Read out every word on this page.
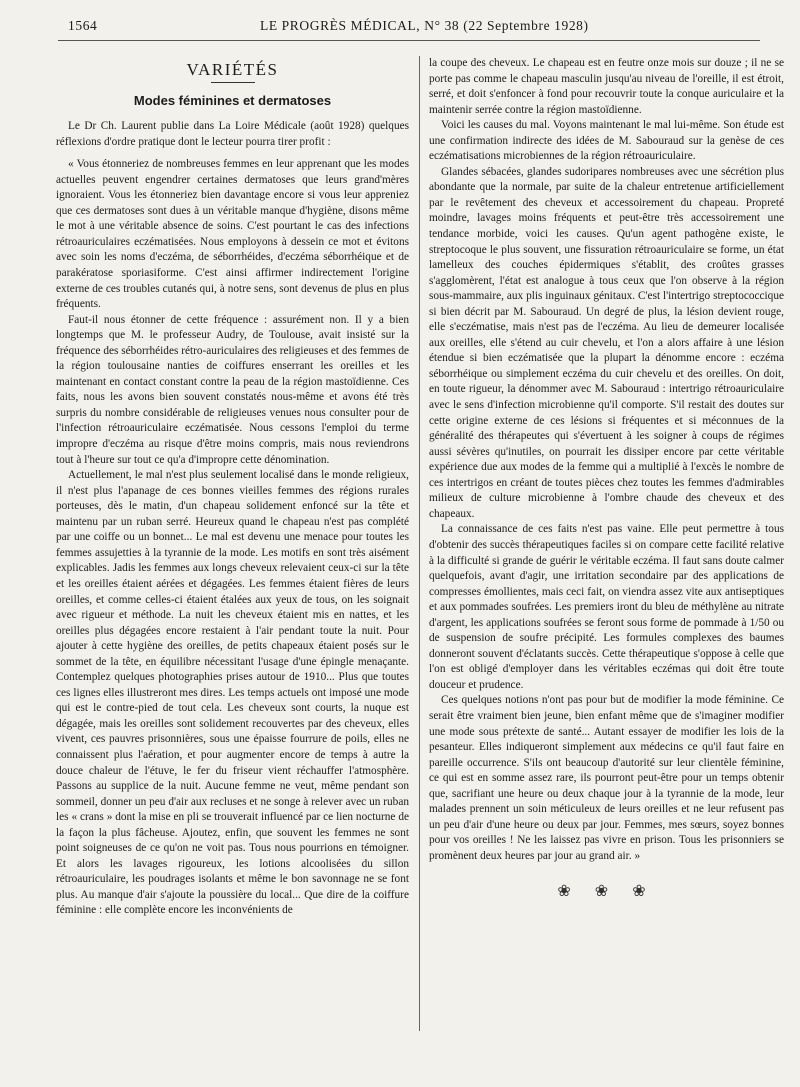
1564	LE PROGRÈS MÉDICAL, N° 38 (22 Septembre 1928)
VARIÉTÉS
Modes féminines et dermatoses

Le Dr Ch. Laurent publie dans La Loire Médicale (août 1928) quelques réflexions d'ordre pratique dont le lecteur pourra tirer profit :

« Vous étonneriez de nombreuses femmes en leur apprenant que les modes actuelles peuvent engendrer certaines dermatoses que leurs grand'mères ignoraient. Vous les étonneriez bien davantage encore si vous leur appreniez que ces dermatoses sont dues à un véritable manque d'hygiène, disons même le mot à une véritable absence de soins. C'est pourtant le cas des infections rétroauriculaires eczématisées. Nous employons à dessein ce mot et évitons avec soin les noms d'eczéma, de séborrhéides, d'eczéma séborrhéique et de parakératose sporiasiforme. C'est ainsi affirmer indirectement l'origine externe de ces troubles cutanés qui, à notre sens, sont devenus de plus en plus fréquents.

Faut-il nous étonner de cette fréquence : assurément non. Il y a bien longtemps que M. le professeur Audry, de Toulouse, avait insisté sur la fréquence des séborrhéides rétro-auriculaires des religieuses et des femmes de la région toulousaine nanties de coiffures enserrant les oreilles et les maintenant en contact constant contre la peau de la région mastoïdienne. Ces faits, nous les avons bien souvent constatés nous-même et avons été très surpris du nombre considérable de religieuses venues nous consulter pour de l'infection rétroauriculaire eczématisée. Nous cessons l'emploi du terme impropre d'eczéma au risque d'être moins compris, mais nous reviendrons tout à l'heure sur tout ce qu'a d'impropre cette dénomination.

Actuellement, le mal n'est plus seulement localisé dans le monde religieux, il n'est plus l'apanage de ces bonnes vieilles femmes des régions rurales porteuses, dès le matin, d'un chapeau solidement enfoncé sur la tête et maintenu par un ruban serré. Heureux quand le chapeau n'est pas complété par une coiffe ou un bonnet... Le mal est devenu une menace pour toutes les femmes assujetties à la tyrannie de la mode. Les motifs en sont très aisément explicables. Jadis les femmes aux longs cheveux relevaient ceux-ci sur la tête et les oreilles étaient aérées et dégagées. Les femmes étaient fières de leurs oreilles, et comme celles-ci étaient étalées aux yeux de tous, on les soignait avec rigueur et méthode. La nuit les cheveux étaient mis en nattes, et les oreilles plus dégagées encore restaient à l'air pendant toute la nuit. Pour ajouter à cette hygiène des oreilles, de petits chapeaux étaient posés sur le sommet de la tête, en équilibre nécessitant l'usage d'une épingle menaçante. Contemplez quelques photographies prises autour de 1910... Plus que toutes ces lignes elles illustreront mes dires. Les temps actuels ont imposé une mode qui est le contre-pied de tout cela. Les cheveux sont courts, la nuque est dégagée, mais les oreilles sont solidement recouvertes par des cheveux, elles vivent, ces pauvres prisonnières, sous une épaisse fourrure de poils, elles ne connaissent plus l'aération, et pour augmenter encore de temps à autre la douce chaleur de l'étuve, le fer du friseur vient réchauffer l'atmosphère. Passons au supplice de la nuit. Aucune femme ne veut, même pendant son sommeil, donner un peu d'air aux recluses et ne songe à relever avec un ruban les « crans » dont la mise en pli se trouverait influencé par ce lien nocturne de la façon la plus fâcheuse. Ajoutez, enfin, que souvent les femmes ne sont point soigneuses de ce qu'on ne voit pas. Tous nous pourrions en témoigner. Et alors les lavages rigoureux, les lotions alcoolisées du sillon rétroauriculaire, les poudrages isolants et même le bon savonnage ne se font plus. Au manque d'air s'ajoute la poussière du local... Que dire de la coiffure féminine : elle complète encore les inconvénients de

la coupe des cheveux. Le chapeau est en feutre onze mois sur douze ; il ne se porte pas comme le chapeau masculin jusqu'au niveau de l'oreille, il est étroit, serré, et doit s'enfoncer à fond pour recouvrir toute la conque auriculaire et la maintenir serrée contre la région mastoïdienne.

Voici les causes du mal. Voyons maintenant le mal lui-même. Son étude est une confirmation indirecte des idées de M. Sabouraud sur la genèse de ces eczématisations microbiennes de la région rétroauriculaire.

Glandes sébacées, glandes sudoripares nombreuses avec une sécrétion plus abondante que la normale, par suite de la chaleur entretenue artificiellement par le revêtement des cheveux et accessoirement du chapeau. Propreté moindre, lavages moins fréquents et peut-être très accessoirement une tendance morbide, voici les causes. Qu'un agent pathogène existe, le streptocoque le plus souvent, une fissuration rétroauriculaire se forme, un état lamelleux des couches épidermiques s'établit, des croûtes grasses s'agglomèrent, l'état est analogue à tous ceux que l'on observe à la région sous-mammaire, aux plis inguinaux génitaux. C'est l'intertrigo streptococcique si bien décrit par M. Sabouraud. Un degré de plus, la lésion devient rouge, elle s'eczématise, mais n'est pas de l'eczéma. Au lieu de demeurer localisée aux oreilles, elle s'étend au cuir chevelu, et l'on a alors affaire à une lésion étendue si bien eczématisée que la plupart la dénomme encore : eczéma séborrhéique ou simplement eczéma du cuir chevelu et des oreilles. On doit, en toute rigueur, la dénommer avec M. Sabouraud : intertrigo rétroauriculaire avec le sens d'infection microbienne qu'il comporte. S'il restait des doutes sur cette origine externe de ces lésions si fréquentes et si méconnues de la généralité des thérapeutes qui s'évertuent à les soigner à coups de régimes aussi sévères qu'inutiles, on pourrait les dissiper encore par cette véritable expérience due aux modes de la femme qui a multiplié à l'excès le nombre de ces intertrigos en créant de toutes pièces chez toutes les femmes d'admirables milieux de culture microbienne à l'ombre chaude des cheveux et des chapeaux.

La connaissance de ces faits n'est pas vaine. Elle peut permettre à tous d'obtenir des succès thérapeutiques faciles si on compare cette facilité relative à la difficulté si grande de guérir le véritable eczéma. Il faut sans doute calmer quelquefois, avant d'agir, une irritation secondaire par des applications de compresses émollientes, mais ceci fait, on viendra assez vite aux antiseptiques et aux pommades soufrées. Les premiers iront du bleu de méthylène au nitrate d'argent, les applications soufrées se feront sous forme de pommade à 1/50 ou de suspension de soufre précipité. Les formules complexes des baumes donneront souvent d'éclatants succès. Cette thérapeutique s'oppose à celle que l'on est obligé d'employer dans les véritables eczémas qui doit être toute douceur et prudence.

Ces quelques notions n'ont pas pour but de modifier la mode féminine. Ce serait être vraiment bien jeune, bien enfant même que de s'imaginer modifier une mode sous prétexte de santé... Autant essayer de modifier les lois de la pesanteur. Elles indiqueront simplement aux médecins ce qu'il faut faire en pareille occurrence. S'ils ont beaucoup d'autorité sur leur clientèle féminine, ce qui est en somme assez rare, ils pourront peut-être pour un temps obtenir que, sacrifiant une heure ou deux chaque jour à la tyrannie de la mode, leur malades prennent un soin méticuleux de leurs oreilles et ne leur refusent pas un peu d'air d'une heure ou deux par jour. Femmes, mes sœurs, soyez bonnes pour vos oreilles ! Ne les laissez pas vivre en prison. Tous les prisonniers se promènent deux heures par jour au grand air. »

❀ ❀ ❀
